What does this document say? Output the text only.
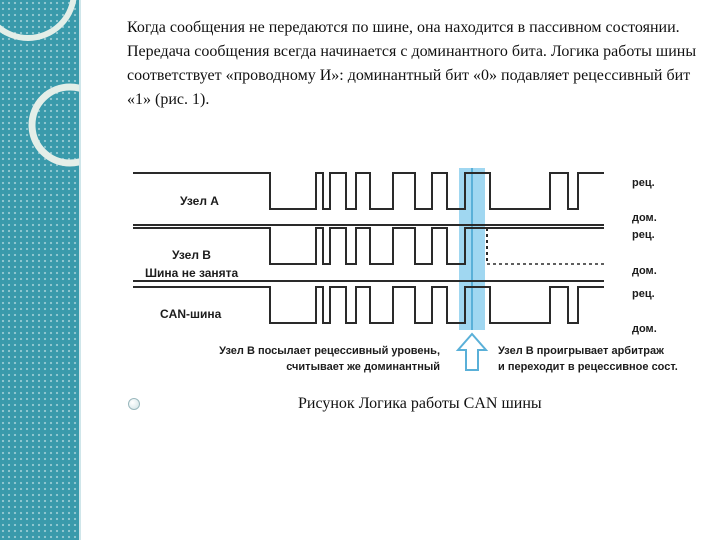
Когда сообщения не передаются по шине, она находится в пассивном состоянии. Передача сообщения всегда начинается с доминантного бита. Логика работы шины соответствует «проводному И»: доминантный бит «0» подавляет рецессивный бит «1» (рис. 1).
Узел А
Узел В
Шина не занята
CAN-шина
рец.
дом.
рец.
дом.
рец.
дом.
Узел В посылает рецессивный уровень,
считывает же доминантный
Узел В проигрывает арбитраж
и переходит в рецессивное сост.
Рисунок Логика работы CAN шины
